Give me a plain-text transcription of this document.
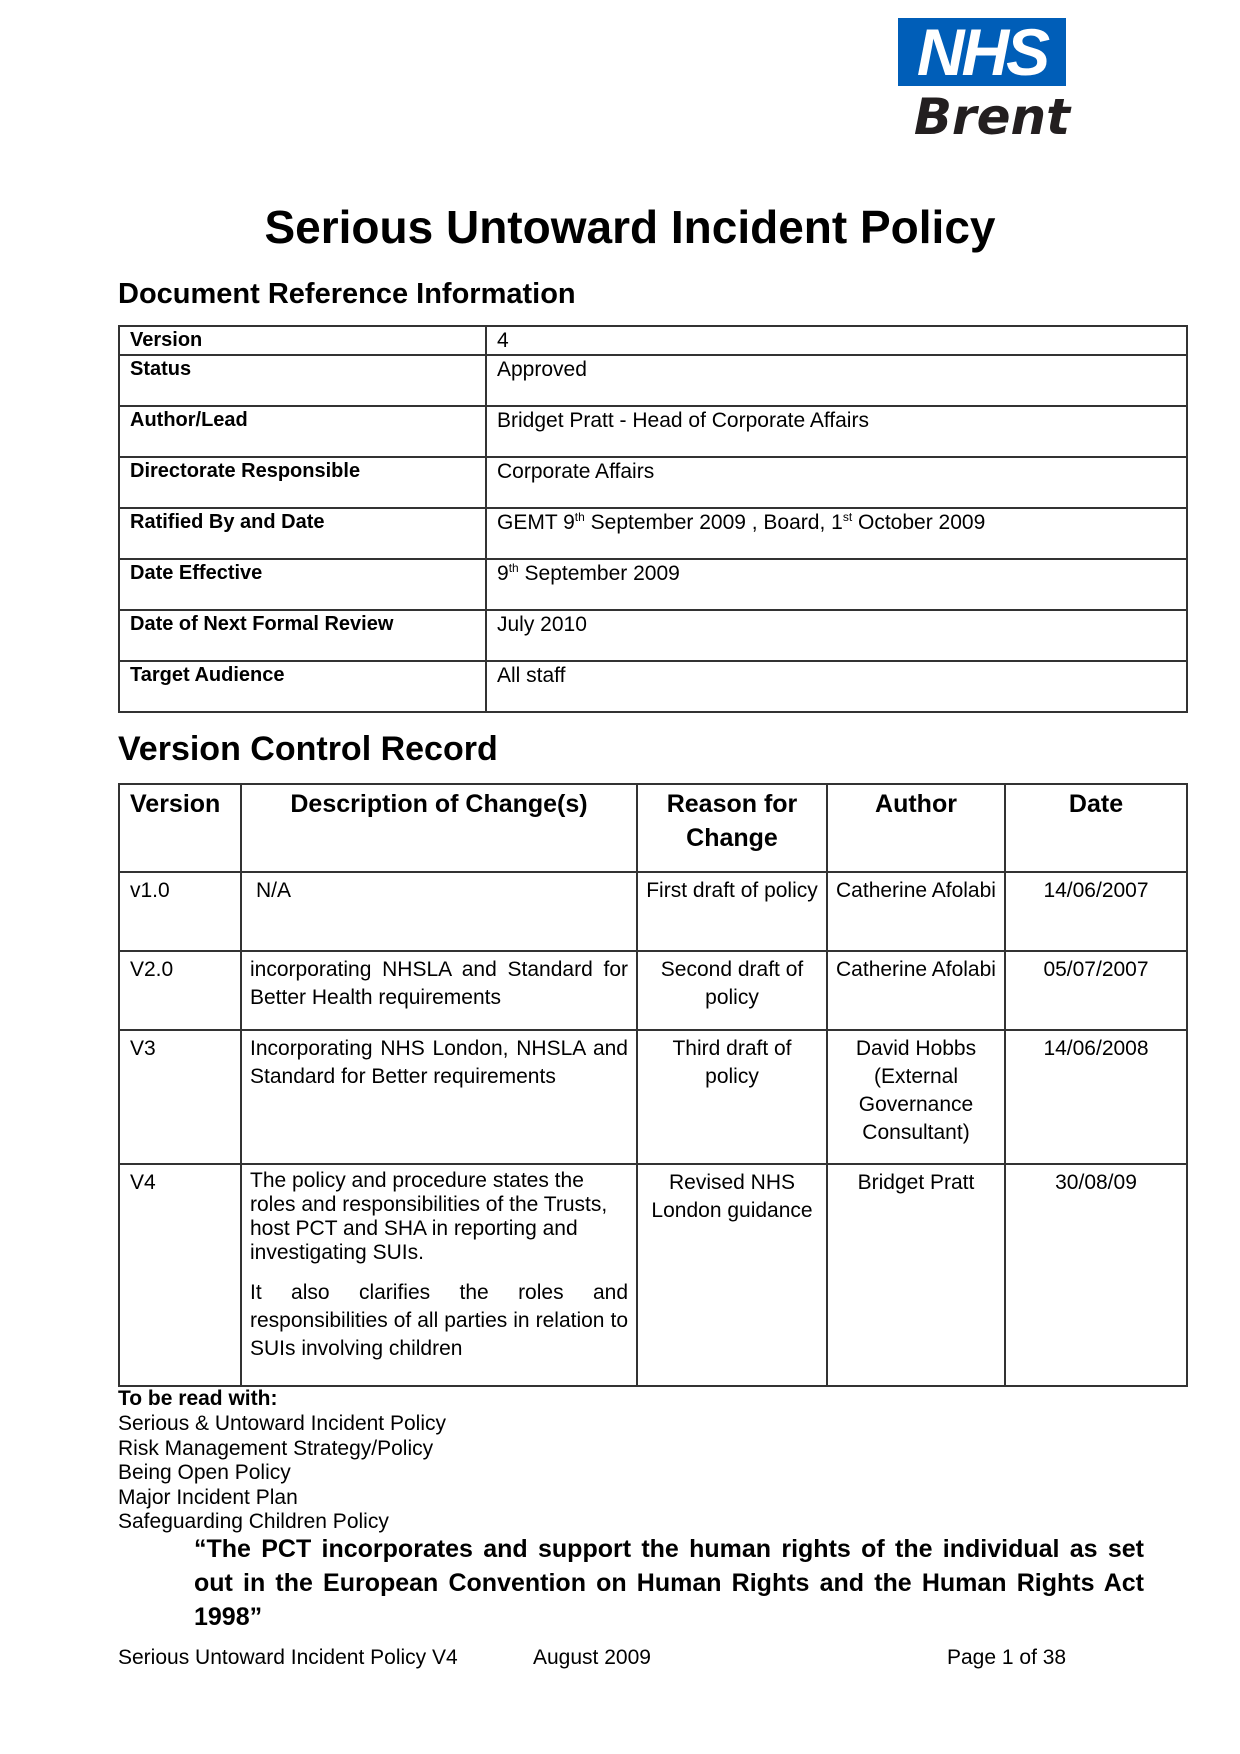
NHS
Brent
Serious Untoward Incident Policy
Document Reference Information
Version	4
Status	Approved
Author/Lead	Bridget Pratt - Head of Corporate Affairs
Directorate Responsible	Corporate Affairs
Ratified By and Date	GEMT 9th September 2009 , Board, 1st October 2009
Date Effective	9th September 2009
Date of Next Formal Review	July 2010
Target Audience	All staff
Version Control Record
Version	Description of Change(s)	Reason for Change	Author	Date
v1.0	N/A	First draft of policy	Catherine Afolabi	14/06/2007
V2.0	incorporating NHSLA and Standard for Better Health requirements	Second draft of policy	Catherine Afolabi	05/07/2007
V3	Incorporating NHS London, NHSLA and Standard for Better requirements	Third draft of policy	David Hobbs (External Governance Consultant)	14/06/2008
V4	The policy and procedure states the roles and responsibilities of the Trusts, host PCT and SHA in reporting and investigating SUIs.
It also clarifies the roles and responsibilities of all parties in relation to SUIs involving children	Revised NHS London guidance	Bridget Pratt	30/08/09
To be read with:
Serious & Untoward Incident Policy
Risk Management Strategy/Policy
Being Open Policy
Major Incident Plan
Safeguarding Children Policy

“The PCT incorporates and support the human rights of the individual as set out in the European Convention on Human Rights and the Human Rights Act 1998”

Serious Untoward Incident Policy V4	August 2009	Page 1 of 38
